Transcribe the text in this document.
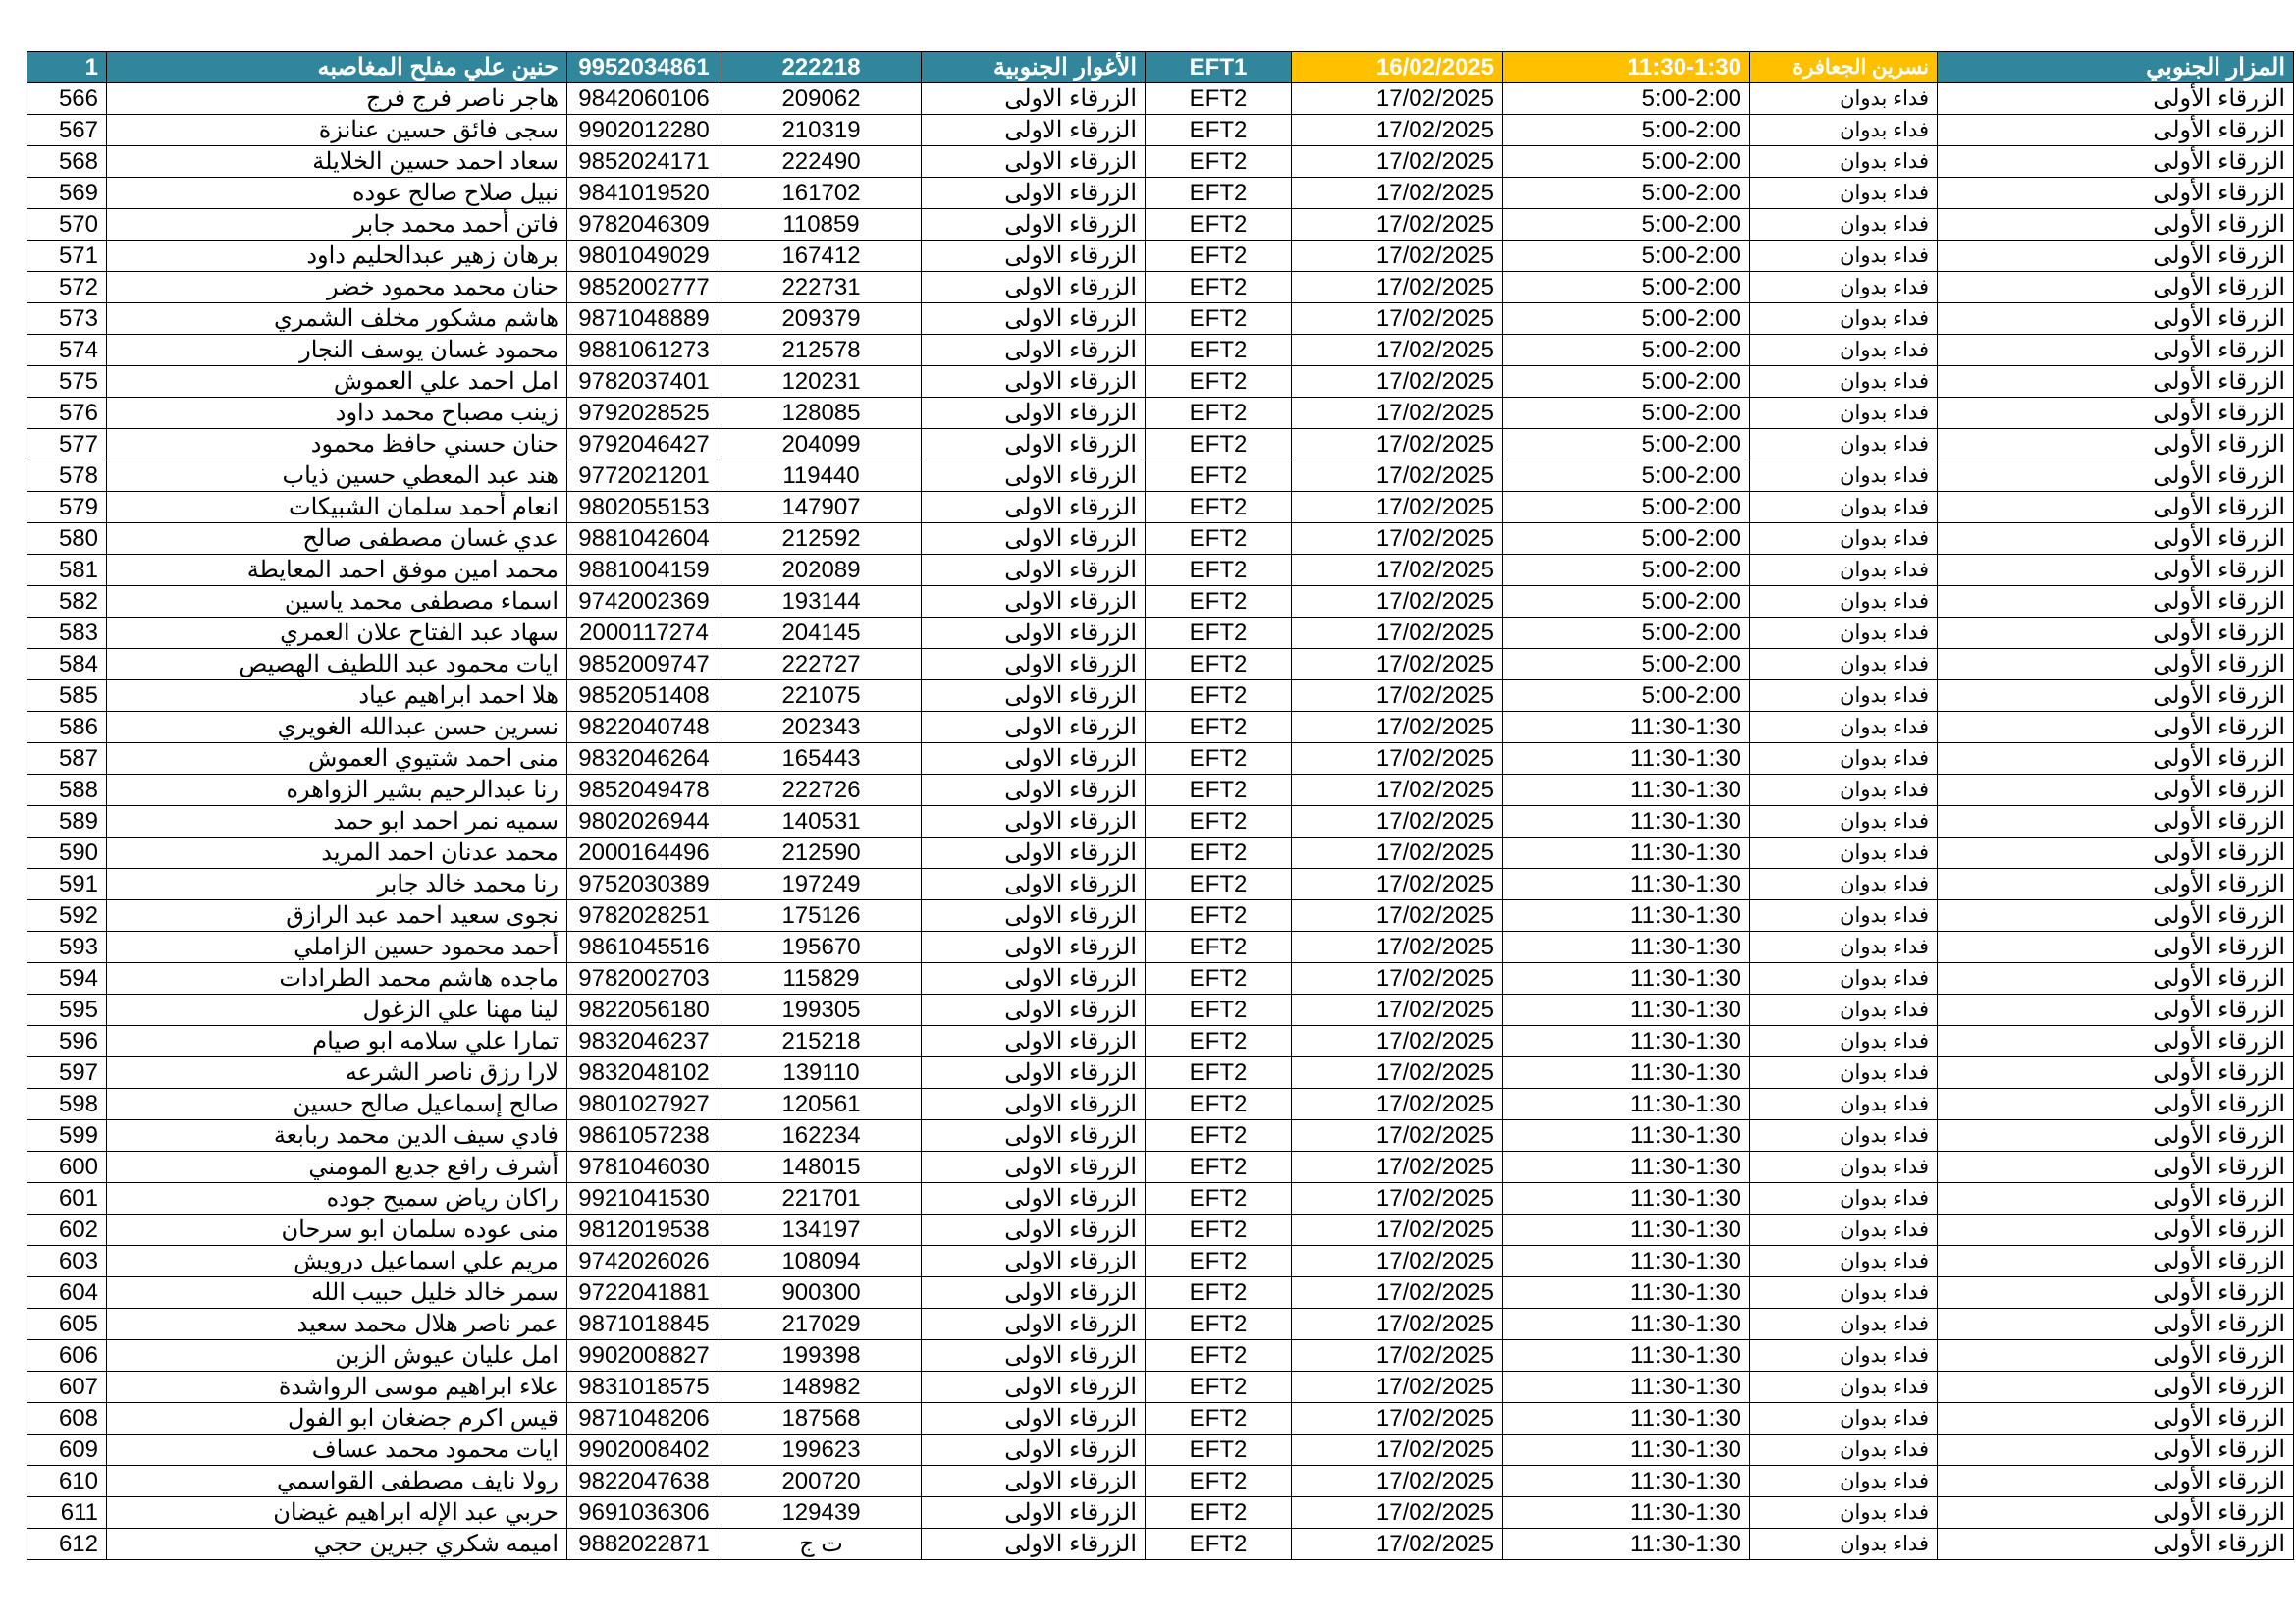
1	حنين علي مفلح المغاصبه	9952034861	222218	الأغوار الجنوبية	EFT1	16/02/2025	11:30-1:30	نسرين الجعافرة	المزار الجنوبي
566	هاجر ناصر فرج فرج	9842060106	209062	الزرقاء الاولى	EFT2	17/02/2025	5:00-2:00	فداء بدوان	الزرقاء الأولى
567	سجى فائق حسين عنانزة	9902012280	210319	الزرقاء الاولى	EFT2	17/02/2025	5:00-2:00	فداء بدوان	الزرقاء الأولى
568	سعاد احمد حسين الخلايلة	9852024171	222490	الزرقاء الاولى	EFT2	17/02/2025	5:00-2:00	فداء بدوان	الزرقاء الأولى
569	نبيل صلاح صالح عوده	9841019520	161702	الزرقاء الاولى	EFT2	17/02/2025	5:00-2:00	فداء بدوان	الزرقاء الأولى
570	فاتن أحمد محمد جابر	9782046309	110859	الزرقاء الاولى	EFT2	17/02/2025	5:00-2:00	فداء بدوان	الزرقاء الأولى
571	برهان زهير عبدالحليم داود	9801049029	167412	الزرقاء الاولى	EFT2	17/02/2025	5:00-2:00	فداء بدوان	الزرقاء الأولى
572	حنان محمد محمود خضر	9852002777	222731	الزرقاء الاولى	EFT2	17/02/2025	5:00-2:00	فداء بدوان	الزرقاء الأولى
573	هاشم مشكور مخلف الشمري	9871048889	209379	الزرقاء الاولى	EFT2	17/02/2025	5:00-2:00	فداء بدوان	الزرقاء الأولى
574	محمود غسان يوسف النجار	9881061273	212578	الزرقاء الاولى	EFT2	17/02/2025	5:00-2:00	فداء بدوان	الزرقاء الأولى
575	امل احمد علي العموش	9782037401	120231	الزرقاء الاولى	EFT2	17/02/2025	5:00-2:00	فداء بدوان	الزرقاء الأولى
576	زينب مصباح محمد داود	9792028525	128085	الزرقاء الاولى	EFT2	17/02/2025	5:00-2:00	فداء بدوان	الزرقاء الأولى
577	حنان حسني حافظ محمود	9792046427	204099	الزرقاء الاولى	EFT2	17/02/2025	5:00-2:00	فداء بدوان	الزرقاء الأولى
578	هند عبد المعطي حسين ذياب	9772021201	119440	الزرقاء الاولى	EFT2	17/02/2025	5:00-2:00	فداء بدوان	الزرقاء الأولى
579	انعام أحمد سلمان الشبيكات	9802055153	147907	الزرقاء الاولى	EFT2	17/02/2025	5:00-2:00	فداء بدوان	الزرقاء الأولى
580	عدي غسان مصطفى صالح	9881042604	212592	الزرقاء الاولى	EFT2	17/02/2025	5:00-2:00	فداء بدوان	الزرقاء الأولى
581	محمد امين موفق احمد المعايطة	9881004159	202089	الزرقاء الاولى	EFT2	17/02/2025	5:00-2:00	فداء بدوان	الزرقاء الأولى
582	اسماء مصطفى محمد ياسين	9742002369	193144	الزرقاء الاولى	EFT2	17/02/2025	5:00-2:00	فداء بدوان	الزرقاء الأولى
583	سهاد عبد الفتاح علان العمري	2000117274	204145	الزرقاء الاولى	EFT2	17/02/2025	5:00-2:00	فداء بدوان	الزرقاء الأولى
584	ايات محمود عبد اللطيف الهصيص	9852009747	222727	الزرقاء الاولى	EFT2	17/02/2025	5:00-2:00	فداء بدوان	الزرقاء الأولى
585	هلا احمد ابراهيم عياد	9852051408	221075	الزرقاء الاولى	EFT2	17/02/2025	5:00-2:00	فداء بدوان	الزرقاء الأولى
586	نسرين حسن عبدالله الغويري	9822040748	202343	الزرقاء الاولى	EFT2	17/02/2025	11:30-1:30	فداء بدوان	الزرقاء الأولى
587	منى احمد شتيوي العموش	9832046264	165443	الزرقاء الاولى	EFT2	17/02/2025	11:30-1:30	فداء بدوان	الزرقاء الأولى
588	رنا عبدالرحيم بشير الزواهره	9852049478	222726	الزرقاء الاولى	EFT2	17/02/2025	11:30-1:30	فداء بدوان	الزرقاء الأولى
589	سميه نمر احمد ابو حمد	9802026944	140531	الزرقاء الاولى	EFT2	17/02/2025	11:30-1:30	فداء بدوان	الزرقاء الأولى
590	محمد عدنان احمد المريد	2000164496	212590	الزرقاء الاولى	EFT2	17/02/2025	11:30-1:30	فداء بدوان	الزرقاء الأولى
591	رنا محمد خالد جابر	9752030389	197249	الزرقاء الاولى	EFT2	17/02/2025	11:30-1:30	فداء بدوان	الزرقاء الأولى
592	نجوى سعيد احمد عبد الرازق	9782028251	175126	الزرقاء الاولى	EFT2	17/02/2025	11:30-1:30	فداء بدوان	الزرقاء الأولى
593	أحمد محمود حسين الزاملي	9861045516	195670	الزرقاء الاولى	EFT2	17/02/2025	11:30-1:30	فداء بدوان	الزرقاء الأولى
594	ماجده هاشم محمد الطرادات	9782002703	115829	الزرقاء الاولى	EFT2	17/02/2025	11:30-1:30	فداء بدوان	الزرقاء الأولى
595	لينا مهنا علي الزغول	9822056180	199305	الزرقاء الاولى	EFT2	17/02/2025	11:30-1:30	فداء بدوان	الزرقاء الأولى
596	تمارا علي سلامه ابو صيام	9832046237	215218	الزرقاء الاولى	EFT2	17/02/2025	11:30-1:30	فداء بدوان	الزرقاء الأولى
597	لارا رزق ناصر الشرعه	9832048102	139110	الزرقاء الاولى	EFT2	17/02/2025	11:30-1:30	فداء بدوان	الزرقاء الأولى
598	صالح إسماعيل صالح حسين	9801027927	120561	الزرقاء الاولى	EFT2	17/02/2025	11:30-1:30	فداء بدوان	الزرقاء الأولى
599	فادي سيف الدين محمد ربابعة	9861057238	162234	الزرقاء الاولى	EFT2	17/02/2025	11:30-1:30	فداء بدوان	الزرقاء الأولى
600	أشرف رافع جديع المومني	9781046030	148015	الزرقاء الاولى	EFT2	17/02/2025	11:30-1:30	فداء بدوان	الزرقاء الأولى
601	راكان رياض سميح جوده	9921041530	221701	الزرقاء الاولى	EFT2	17/02/2025	11:30-1:30	فداء بدوان	الزرقاء الأولى
602	منى عوده سلمان ابو سرحان	9812019538	134197	الزرقاء الاولى	EFT2	17/02/2025	11:30-1:30	فداء بدوان	الزرقاء الأولى
603	مريم علي اسماعيل درويش	9742026026	108094	الزرقاء الاولى	EFT2	17/02/2025	11:30-1:30	فداء بدوان	الزرقاء الأولى
604	سمر خالد خليل حبيب الله	9722041881	900300	الزرقاء الاولى	EFT2	17/02/2025	11:30-1:30	فداء بدوان	الزرقاء الأولى
605	عمر ناصر هلال محمد سعيد	9871018845	217029	الزرقاء الاولى	EFT2	17/02/2025	11:30-1:30	فداء بدوان	الزرقاء الأولى
606	امل عليان عيوش الزبن	9902008827	199398	الزرقاء الاولى	EFT2	17/02/2025	11:30-1:30	فداء بدوان	الزرقاء الأولى
607	علاء ابراهيم موسى الرواشدة	9831018575	148982	الزرقاء الاولى	EFT2	17/02/2025	11:30-1:30	فداء بدوان	الزرقاء الأولى
608	قيس اكرم جضغان ابو الفول	9871048206	187568	الزرقاء الاولى	EFT2	17/02/2025	11:30-1:30	فداء بدوان	الزرقاء الأولى
609	ايات محمود محمد عساف	9902008402	199623	الزرقاء الاولى	EFT2	17/02/2025	11:30-1:30	فداء بدوان	الزرقاء الأولى
610	رولا نايف مصطفى القواسمي	9822047638	200720	الزرقاء الاولى	EFT2	17/02/2025	11:30-1:30	فداء بدوان	الزرقاء الأولى
611	حربي عبد الإله ابراهيم غيضان	9691036306	129439	الزرقاء الاولى	EFT2	17/02/2025	11:30-1:30	فداء بدوان	الزرقاء الأولى
612	اميمه شكري جبرين حجي	9882022871	ت ج	الزرقاء الاولى	EFT2	17/02/2025	11:30-1:30	فداء بدوان	الزرقاء الأولى
